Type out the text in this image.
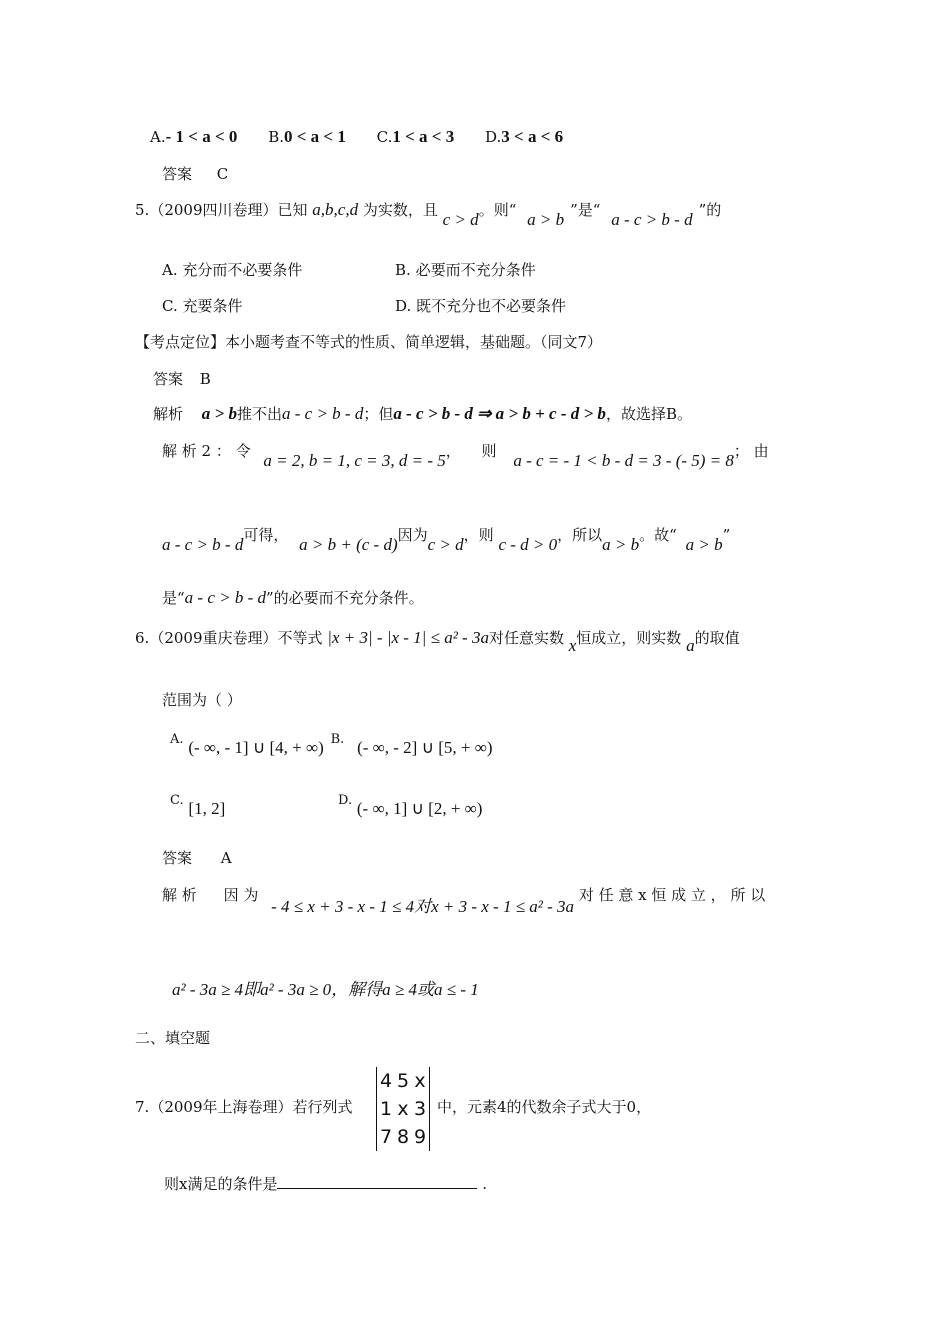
A.- 1 < a < 0 B.0 < a < 1 C.1 < a < 3 D.3 < a < 6
答案 C
5.（2009四川卷理）已知 a,b,c,d 为实数，且 c > d。则“ a > b ”是“ a - c > b - d ”的
A. 充分而不必要条件	B. 必要而不充分条件
C. 充要条件	D. 既不充分也不必要条件
【考点定位】本小题考查不等式的性质、简单逻辑，基础题。（同文7）
答案 B
解析 a > b推不出a - c > b - d；但a - c > b - d ⇒ a > b + c - d > b，故选择B。
解 析 2 ： 令 a = 2, b = 1, c = 3, d = - 5， 则 a - c = - 1 < b - d = 3 - (- 5) = 8； 由
a - c > b - d可得， a > b + (c - d)因为c > d，则 c - d > 0，所以a > b。故“ a > b”
是“a - c > b - d”的必要而不充分条件。
6.（2009重庆卷理）不等式 |x + 3| - |x - 1| ≤ a² - 3a对任意实数 x恒成立，则实数 a的取值
范围为（ ）
A. (- ∞, - 1] ∪ [4, + ∞) B. (- ∞, - 2] ∪ [5, + ∞)
C. [1, 2]	D. (- ∞, 1] ∪ [2, + ∞)
答案 A
解 析 因 为 - 4 ≤ x + 3 - x - 1 ≤ 4对x + 3 - x - 1 ≤ a² - 3a 对 任 意 x 恒 成 立 ， 所 以
a² - 3a ≥ 4即a² - 3a ≥ 0，解得a ≥ 4或a ≤ - 1
二、填空题
7.（2009年上海卷理）若行列式
4 5 x
1 x 3
7 8 9
中，元素4的代数余子式大于0，
则x满足的条件是	.
